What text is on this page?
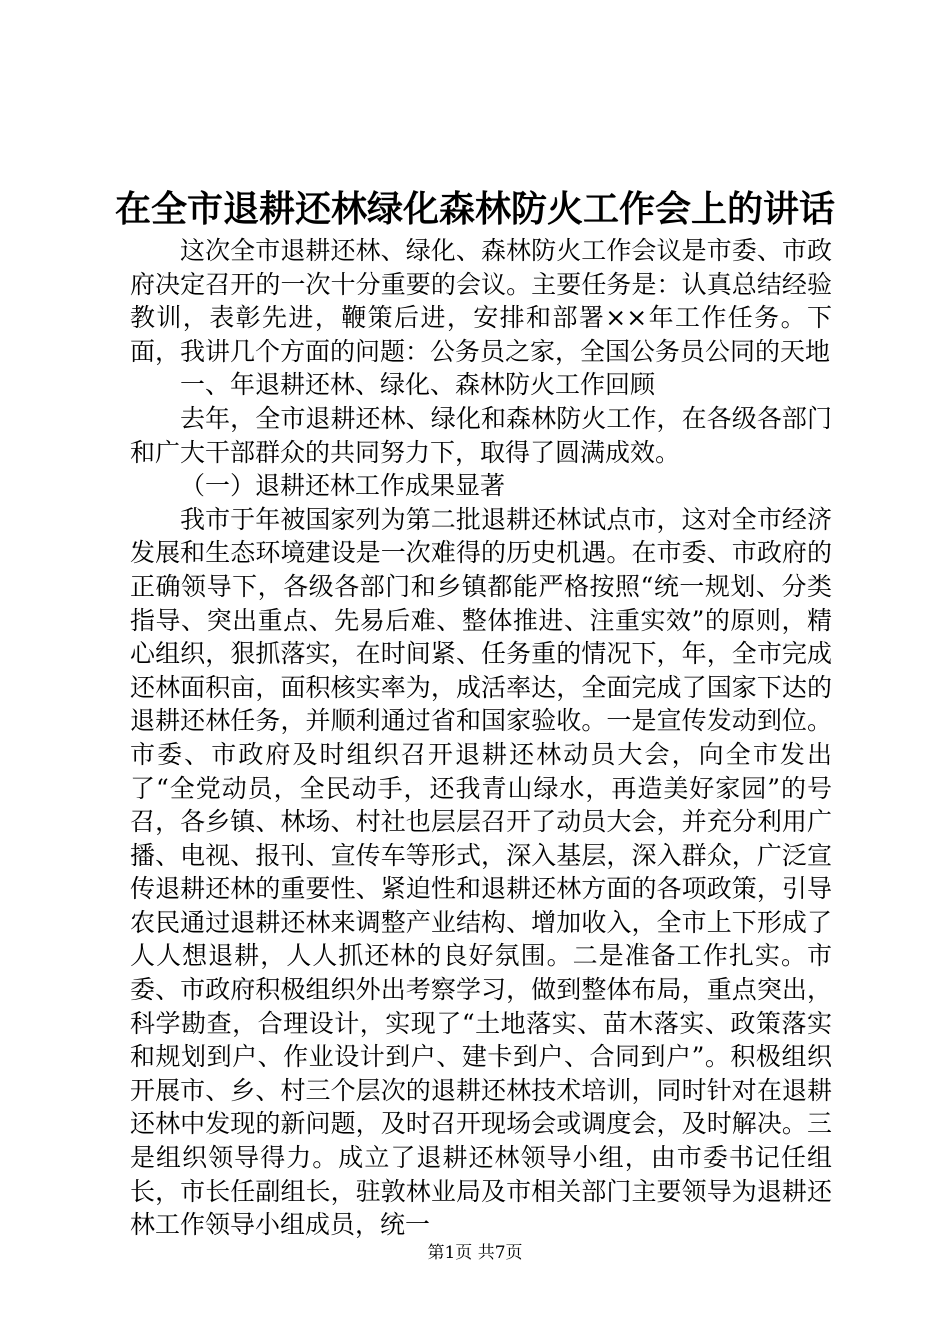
在全市退耕还林绿化森林防火工作会上的讲话

这次全市退耕还林、绿化、森林防火工作会议是市委、市政府决定召开的一次十分重要的会议。主要任务是：认真总结经验教训，表彰先进，鞭策后进，安排和部署××年工作任务。下面，我讲几个方面的问题：公务员之家，全国公务员公同的天地

一、年退耕还林、绿化、森林防火工作回顾

去年，全市退耕还林、绿化和森林防火工作，在各级各部门和广大干部群众的共同努力下，取得了圆满成效。

（一）退耕还林工作成果显著

我市于年被国家列为第二批退耕还林试点市，这对全市经济发展和生态环境建设是一次难得的历史机遇。在市委、市政府的正确领导下，各级各部门和乡镇都能严格按照“统一规划、分类指导、突出重点、先易后难、整体推进、注重实效”的原则，精心组织，狠抓落实，在时间紧、任务重的情况下，年，全市完成还林面积亩，面积核实率为，成活率达，全面完成了国家下达的退耕还林任务，并顺利通过省和国家验收。一是宣传发动到位。市委、市政府及时组织召开退耕还林动员大会，向全市发出了“全党动员，全民动手，还我青山绿水，再造美好家园”的号召，各乡镇、林场、村社也层层召开了动员大会，并充分利用广播、电视、报刊、宣传车等形式，深入基层，深入群众，广泛宣传退耕还林的重要性、紧迫性和退耕还林方面的各项政策，引导农民通过退耕还林来调整产业结构、增加收入，全市上下形成了人人想退耕，人人抓还林的良好氛围。二是准备工作扎实。市委、市政府积极组织外出考察学习，做到整体布局，重点突出，科学勘查，合理设计，实现了“土地落实、苗木落实、政策落实和规划到户、作业设计到户、建卡到户、合同到户”。积极组织开展市、乡、村三个层次的退耕还林技术培训，同时针对在退耕还林中发现的新问题，及时召开现场会或调度会，及时解决。三是组织领导得力。成立了退耕还林领导小组，由市委书记任组长，市长任副组长，驻敦林业局及市相关部门主要领导为退耕还林工作领导小组成员，统一

第1页 共7页
